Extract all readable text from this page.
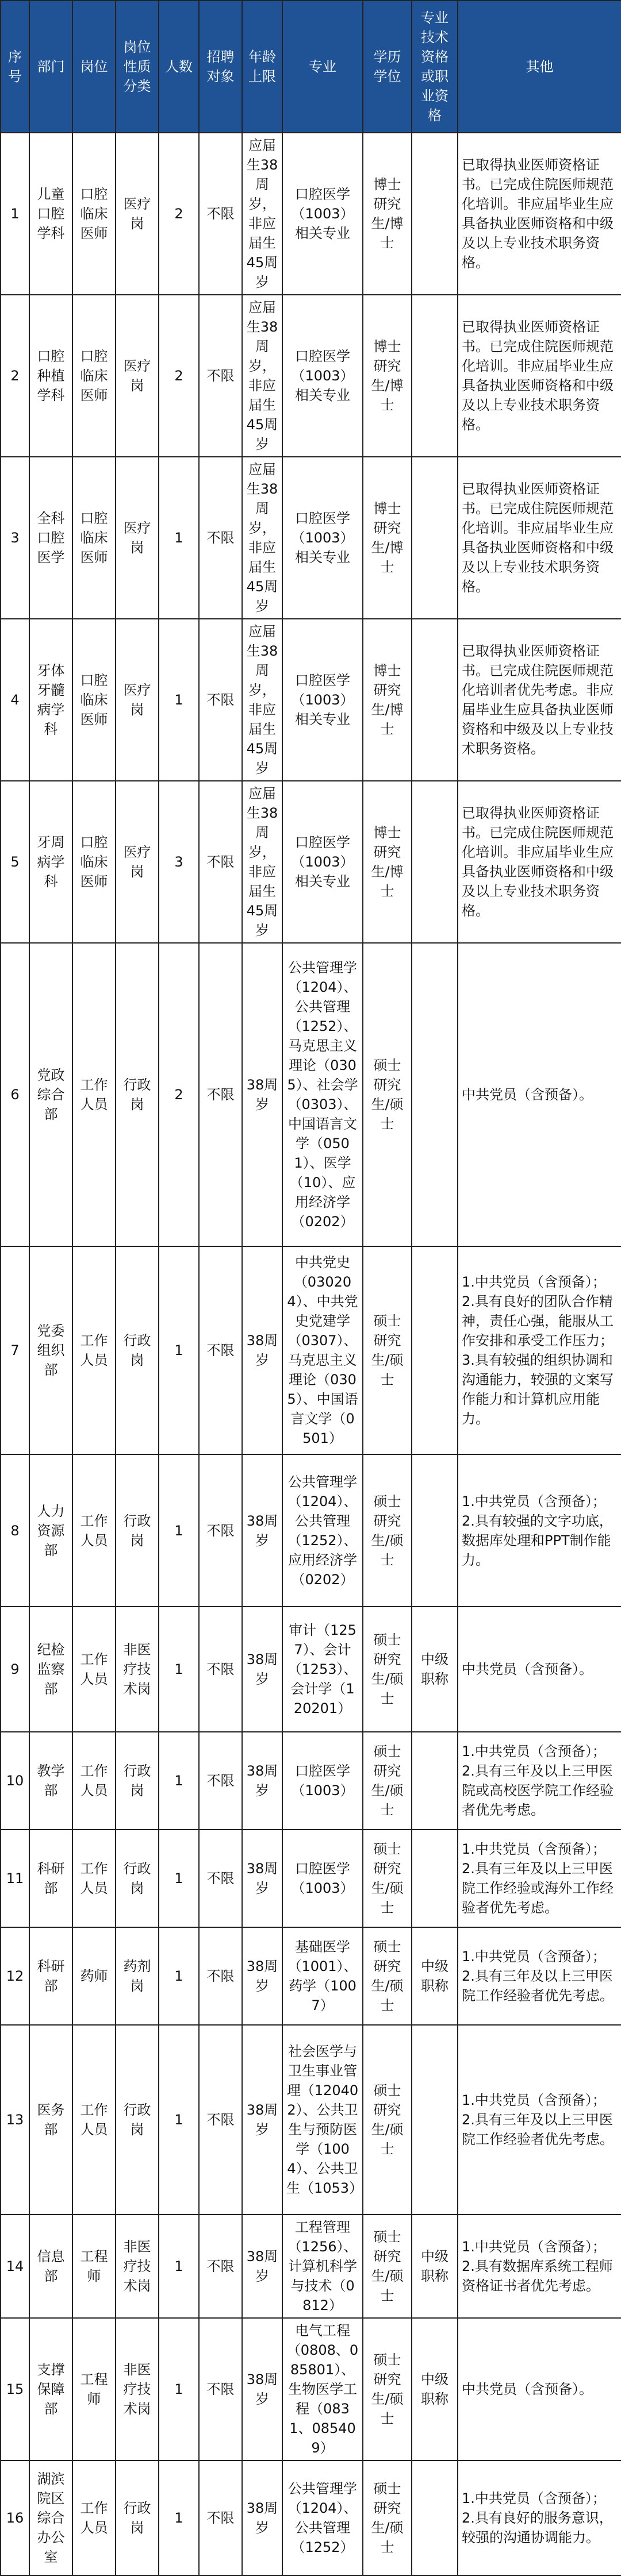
序号	部门	岗位	岗位性质分类	人数	招聘对象	年龄上限	专业	学历学位	专业技术资格或职业资格	其他
1	儿童口腔学科	口腔临床医师	医疗岗	2	不限	应届生38周岁，非应届生45周岁	口腔医学（1003）相关专业	博士研究生/博士		已取得执业医师资格证书。已完成住院医师规范化培训。非应届毕业生应具备执业医师资格和中级及以上专业技术职务资格。
2	口腔种植学科	口腔临床医师	医疗岗	2	不限	应届生38周岁，非应届生45周岁	口腔医学（1003）相关专业	博士研究生/博士		已取得执业医师资格证书。已完成住院医师规范化培训。非应届毕业生应具备执业医师资格和中级及以上专业技术职务资格。
3	全科口腔医学	口腔临床医师	医疗岗	1	不限	应届生38周岁，非应届生45周岁	口腔医学（1003）相关专业	博士研究生/博士		已取得执业医师资格证书。已完成住院医师规范化培训。非应届毕业生应具备执业医师资格和中级及以上专业技术职务资格。
4	牙体牙髓病学科	口腔临床医师	医疗岗	1	不限	应届生38周岁，非应届生45周岁	口腔医学（1003）相关专业	博士研究生/博士		已取得执业医师资格证书。已完成住院医师规范化培训者优先考虑。非应届毕业生应具备执业医师资格和中级及以上专业技术职务资格。
5	牙周病学科	口腔临床医师	医疗岗	3	不限	应届生38周岁，非应届生45周岁	口腔医学（1003）相关专业	博士研究生/博士		已取得执业医师资格证书。已完成住院医师规范化培训。非应届毕业生应具备执业医师资格和中级及以上专业技术职务资格。
6	党政综合部	工作人员	行政岗	2	不限	38周岁	公共管理学（1204）、公共管理（1252）、马克思主义理论（0305）、社会学（0303）、中国语言文学（0501）、医学（10）、应用经济学（0202）	硕士研究生/硕士		中共党员（含预备）。
7	党委组织部	工作人员	行政岗	1	不限	38周岁	中共党史（030204）、中共党史党建学（0307）、马克思主义理论（0305）、中国语言文学（0501）	硕士研究生/硕士		1.中共党员（含预备）；2.具有良好的团队合作精神，责任心强，能服从工作安排和承受工作压力；3.具有较强的组织协调和沟通能力，较强的文案写作能力和计算机应用能力。
8	人力资源部	工作人员	行政岗	1	不限	38周岁	公共管理学（1204）、公共管理（1252）、应用经济学（0202）	硕士研究生/硕士		1.中共党员（含预备）；2.具有较强的文字功底，数据库处理和PPT制作能力。
9	纪检监察部	工作人员	非医疗技术岗	1	不限	38周岁	审计（1257）、会计（1253）、会计学（120201）	硕士研究生/硕士	中级职称	中共党员（含预备）。
10	教学部	工作人员	行政岗	1	不限	38周岁	口腔医学（1003）	硕士研究生/硕士		1.中共党员（含预备）；2.具有三年及以上三甲医院或高校医学院工作经验者优先考虑。
11	科研部	工作人员	行政岗	1	不限	38周岁	口腔医学（1003）	硕士研究生/硕士		1.中共党员（含预备）；2.具有三年及以上三甲医院工作经验或海外工作经验者优先考虑。
12	科研部	药师	药剂岗	1	不限	38周岁	基础医学（1001）、药学（1007）	硕士研究生/硕士	中级职称	1.中共党员（含预备）；2.具有三年及以上三甲医院工作经验者优先考虑。
13	医务部	工作人员	行政岗	1	不限	38周岁	社会医学与卫生事业管理（120402）、公共卫生与预防医学（1004）、公共卫生（1053）	硕士研究生/硕士		1.中共党员（含预备）；2.具有三年及以上三甲医院工作经验者优先考虑。
14	信息部	工程师	非医疗技术岗	1	不限	38周岁	工程管理（1256）、计算机科学与技术（0812）	硕士研究生/硕士	中级职称	1.中共党员（含预备）；2.具有数据库系统工程师资格证书者优先考虑。
15	支撑保障部	工程师	非医疗技术岗	1	不限	38周岁	电气工程（0808、085801）、生物医学工程（0831、085409）	硕士研究生/硕士	中级职称	中共党员（含预备）。
16	湖滨院区综合办公室	工作人员	行政岗	1	不限	38周岁	公共管理学（1204）、公共管理（1252）	硕士研究生/硕士		1.中共党员（含预备）；2.具有良好的服务意识，较强的沟通协调能力。
